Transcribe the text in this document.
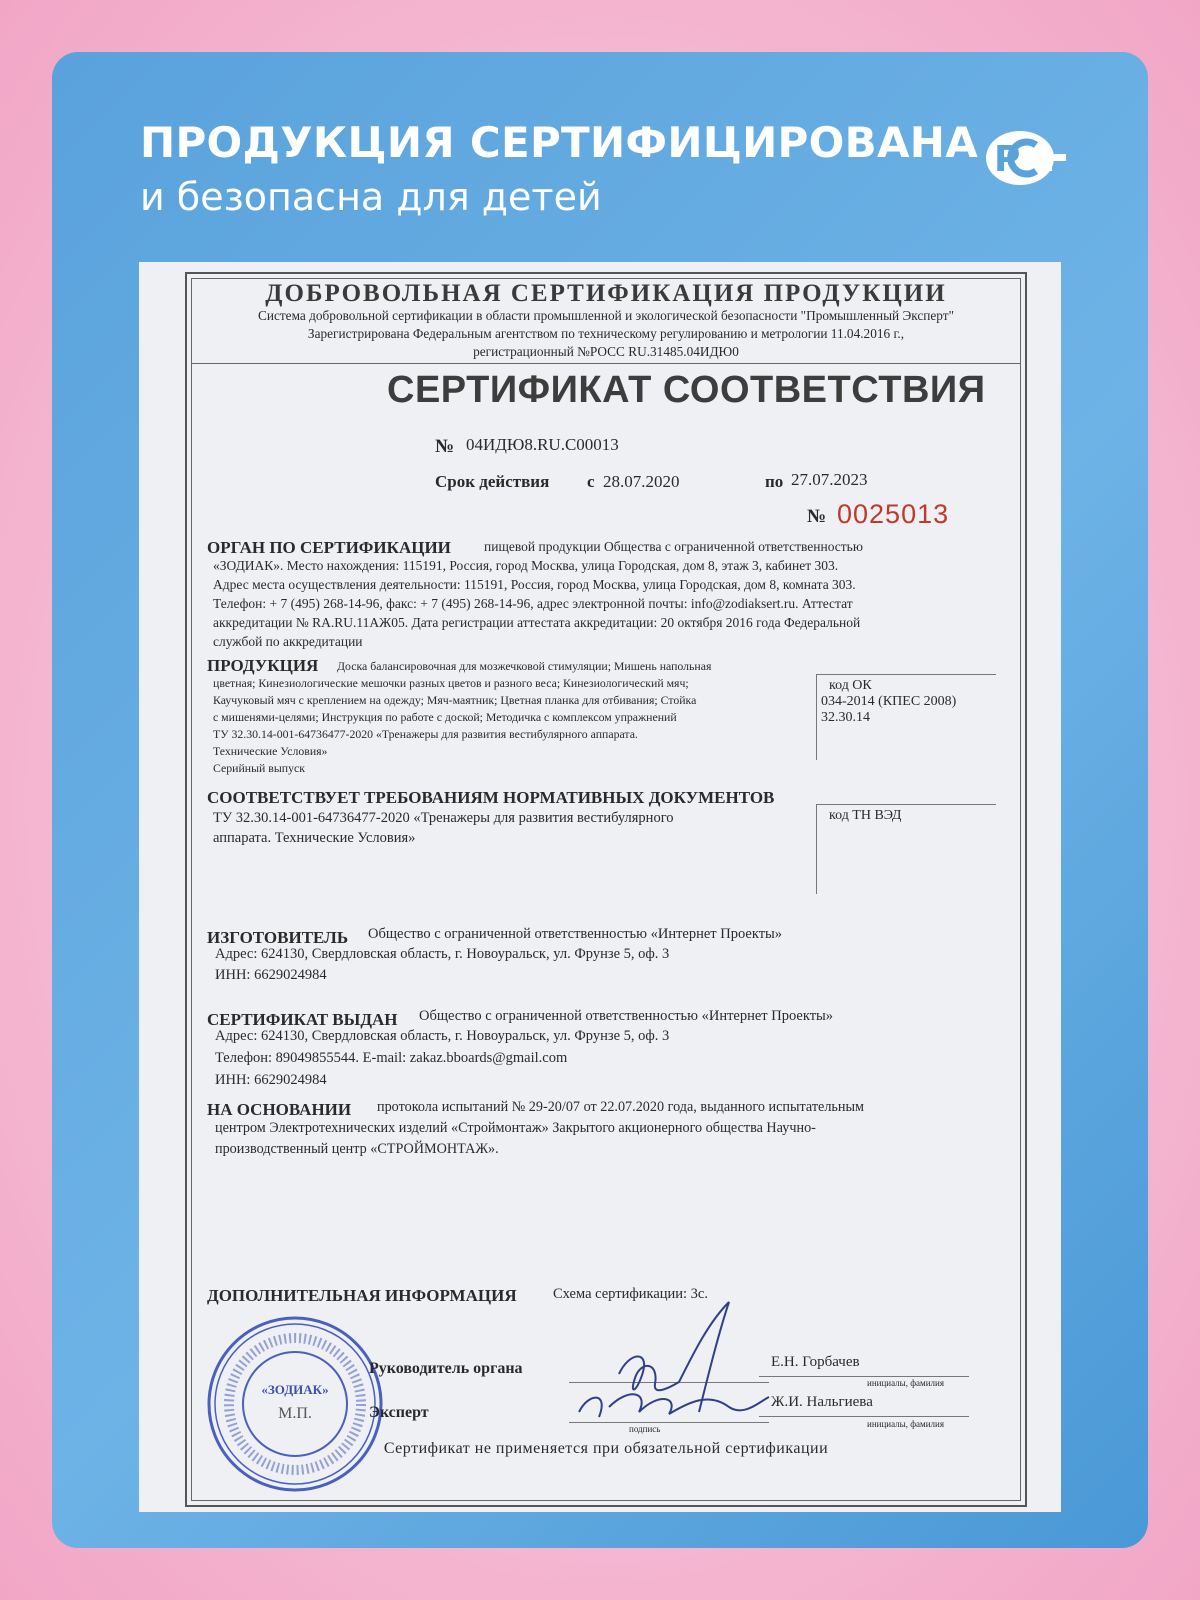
ПРОДУКЦИЯ СЕРТИФИЦИРОВАНА
и безопасна для детей
P
ДОБРОВОЛЬНАЯ СЕРТИФИКАЦИЯ ПРОДУКЦИИ
Система добровольной сертификации в области промышленной и экологической безопасности "Промышленный Эксперт"
Зарегистрирована Федеральным агентством по техническому регулированию и метрологии 11.04.2016 г.,
регистрационный №РОСС RU.31485.04ИДЮ0
СЕРТИФИКАТ СООТВЕТСТВИЯ
№ 04ИДЮ8.RU.C00013
Срок действия с 28.07.2020	по 27.07.2023
№ 0025013
ОРГАН ПО СЕРТИФИКАЦИИ пищевой продукции Общества с ограниченной ответственностью
«ЗОДИАК». Место нахождения: 115191, Россия, город Москва, улица Городская, дом 8, этаж 3, кабинет 303.
Адрес места осуществления деятельности: 115191, Россия, город Москва, улица Городская, дом 8, комната 303.
Телефон: + 7 (495) 268-14-96, факс: + 7 (495) 268-14-96, адрес электронной почты: info@zodiaksert.ru. Аттестат
аккредитации № RA.RU.11АЖ05. Дата регистрации аттестата аккредитации: 20 октября 2016 года Федеральной
службой по аккредитации
ПРОДУКЦИЯ Доска балансировочная для мозжечковой стимуляции; Мишень напольная
цветная; Кинезиологические мешочки разных цветов и разного веса; Кинезиологический мяч;
Каучуковый мяч с креплением на одежду; Мяч-маятник; Цветная планка для отбивания; Стойка
с мишенями-целями; Инструкция по работе с доской; Методичка с комплексом упражнений
ТУ 32.30.14-001-64736477-2020 «Тренажеры для развития вестибулярного аппарата.
Технические Условия»
Серийный выпуск
код ОК
034-2014 (КПЕС 2008)
32.30.14
СООТВЕТСТВУЕТ ТРЕБОВАНИЯМ НОРМАТИВНЫХ ДОКУМЕНТОВ
ТУ 32.30.14-001-64736477-2020 «Тренажеры для развития вестибулярного
аппарата. Технические Условия»
код ТН ВЭД
ИЗГОТОВИТЕЛЬ Общество с ограниченной ответственностью «Интернет Проекты»
Адрес: 624130, Свердловская область, г. Новоуральск, ул. Фрунзе 5, оф. 3
ИНН: 6629024984
СЕРТИФИКАТ ВЫДАН Общество с ограниченной ответственностью «Интернет Проекты»
Адрес: 624130, Свердловская область, г. Новоуральск, ул. Фрунзе 5, оф. 3
Телефон: 89049855544. E-mail: zakaz.bboards@gmail.com
ИНН: 6629024984
НА ОСНОВАНИИ протокола испытаний № 29-20/07 от 22.07.2020 года, выданного испытательным
центром Электротехнических изделий «Строймонтаж» Закрытого акционерного общества Научно-
производственный центр «СТРОЙМОНТАЖ».
ДОПОЛНИТЕЛЬНАЯ ИНФОРМАЦИЯ	Схема сертификации: 3с.
«ЗОДИАК»
М.П.
Руководитель органа	Е.Н. Горбачев
инициалы, фамилия
Эксперт
подпись
Ж.И. Нальгиева
инициалы, фамилия
Сертификат не применяется при обязательной сертификации
